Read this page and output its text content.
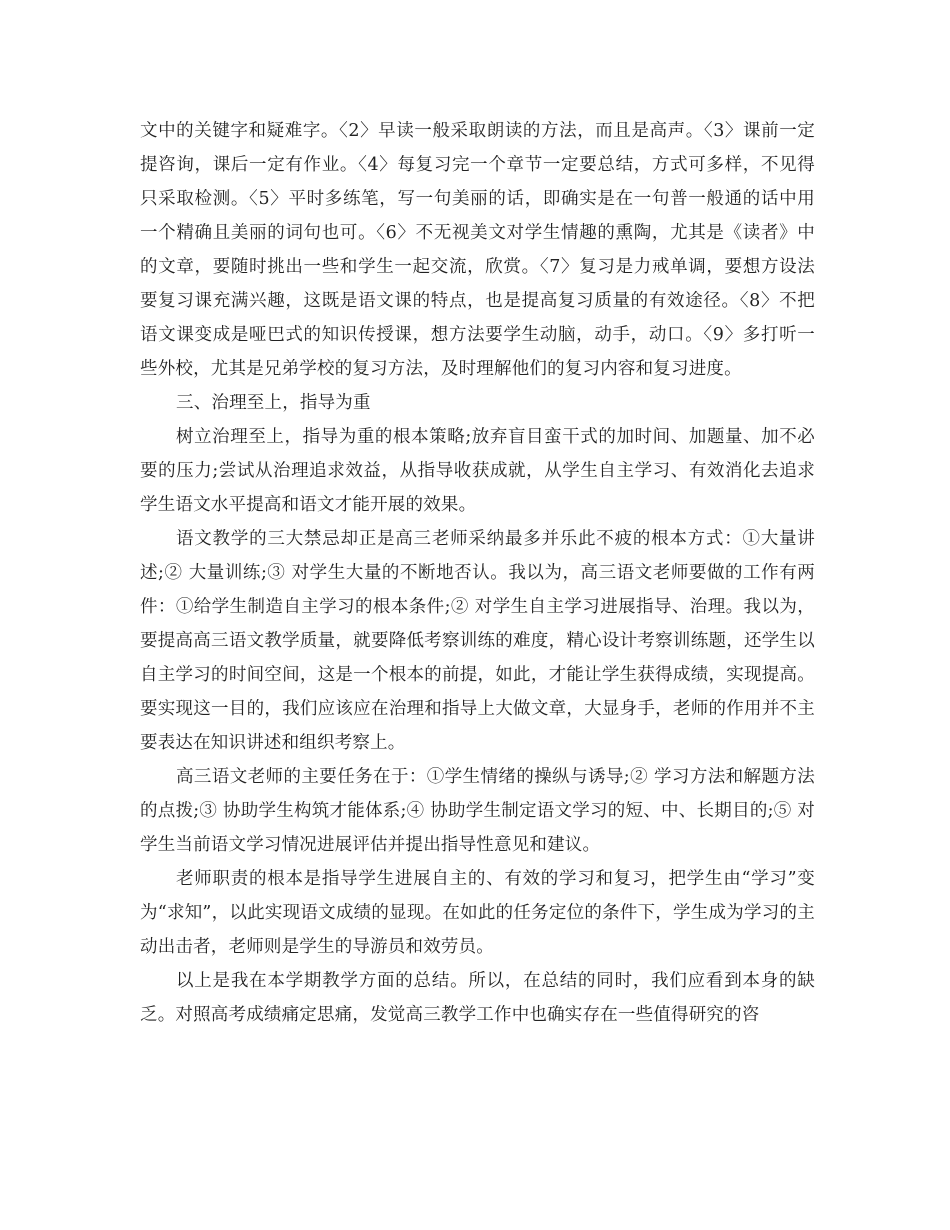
文中的关键字和疑难字。〈2〉早读一般采取朗读的方法，而且是高声。〈3〉课前一定提咨询，课后一定有作业。〈4〉每复习完一个章节一定要总结，方式可多样，不见得只采取检测。〈5〉平时多练笔，写一句美丽的话，即确实是在一句普一般通的话中用一个精确且美丽的词句也可。〈6〉不无视美文对学生情趣的熏陶，尤其是《读者》中的文章，要随时挑出一些和学生一起交流，欣赏。〈7〉复习是力戒单调，要想方设法要复习课充满兴趣，这既是语文课的特点，也是提高复习质量的有效途径。〈8〉不把语文课变成是哑巴式的知识传授课，想方法要学生动脑，动手，动口。〈9〉多打听一些外校，尤其是兄弟学校的复习方法，及时理解他们的复习内容和复习进度。

三、治理至上，指导为重

树立治理至上，指导为重的根本策略;放弃盲目蛮干式的加时间、加题量、加不必要的压力;尝试从治理追求效益，从指导收获成就，从学生自主学习、有效消化去追求学生语文水平提高和语文才能开展的效果。

语文教学的三大禁忌却正是高三老师采纳最多并乐此不疲的根本方式：①大量讲述;② 大量训练;③ 对学生大量的不断地否认。我以为，高三语文老师要做的工作有两件：①给学生制造自主学习的根本条件;② 对学生自主学习进展指导、治理。我以为，要提高高三语文教学质量，就要降低考察训练的难度，精心设计考察训练题，还学生以自主学习的时间空间，这是一个根本的前提，如此，才能让学生获得成绩，实现提高。要实现这一目的，我们应该应在治理和指导上大做文章，大显身手，老师的作用并不主要表达在知识讲述和组织考察上。

高三语文老师的主要任务在于：①学生情绪的操纵与诱导;② 学习方法和解题方法的点拨;③ 协助学生构筑才能体系;④ 协助学生制定语文学习的短、中、长期目的;⑤ 对学生当前语文学习情况进展评估并提出指导性意见和建议。

老师职责的根本是指导学生进展自主的、有效的学习和复习，把学生由“学习”变为“求知”，以此实现语文成绩的显现。在如此的任务定位的条件下，学生成为学习的主动出击者，老师则是学生的导游员和效劳员。

以上是我在本学期教学方面的总结。所以，在总结的同时，我们应看到本身的缺乏。对照高考成绩痛定思痛，发觉高三教学工作中也确实存在一些值得研究的咨
